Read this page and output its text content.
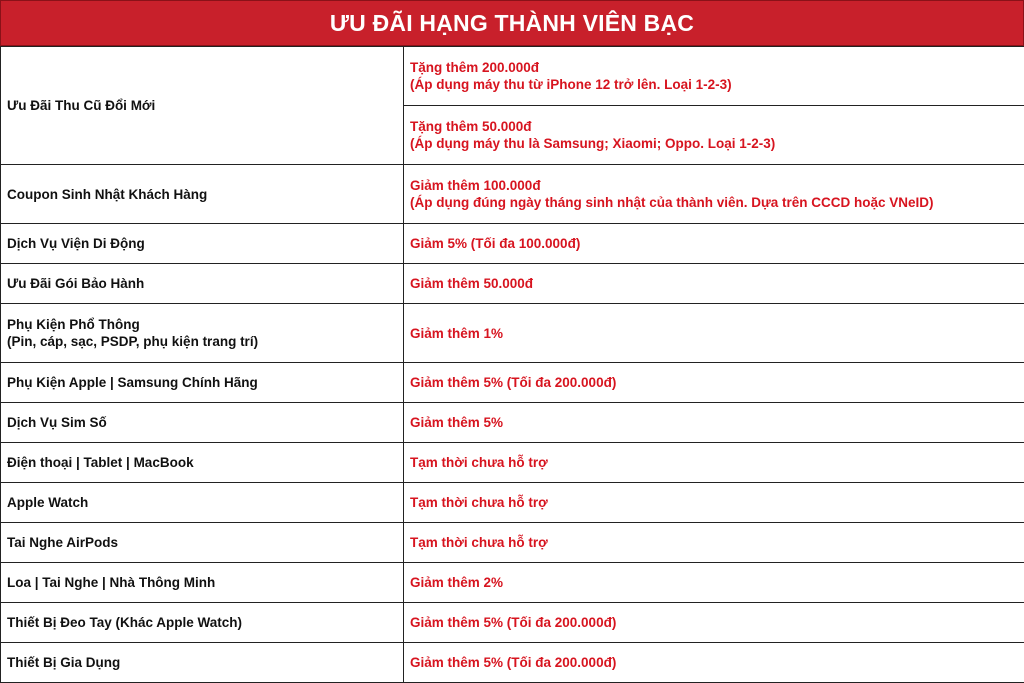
ƯU ĐÃI HẠNG THÀNH VIÊN BẠC
Ưu Đãi Thu Cũ Đổi Mới	Tặng thêm 200.000đ
(Áp dụng máy thu từ iPhone 12 trở lên. Loại 1-2-3)

	Tặng thêm 50.000đ
(Áp dụng máy thu là Samsung; Xiaomi; Oppo. Loại 1-2-3)

Coupon Sinh Nhật Khách Hàng	Giảm thêm 100.000đ
(Áp dụng đúng ngày tháng sinh nhật của thành viên. Dựa trên CCCD hoặc VNeID)

Dịch Vụ Viện Di Động	Giảm 5% (Tối đa 100.000đ)

Ưu Đãi Gói Bảo Hành	Giảm thêm 50.000đ

Phụ Kiện Phổ Thông
(Pin, cáp, sạc, PSDP, phụ kiện trang trí)	Giảm thêm 1%

Phụ Kiện Apple | Samsung Chính Hãng	Giảm thêm 5% (Tối đa 200.000đ)

Dịch Vụ Sim Số	Giảm thêm 5%

Điện thoại | Tablet | MacBook	Tạm thời chưa hỗ trợ

Apple Watch	Tạm thời chưa hỗ trợ

Tai Nghe AirPods	Tạm thời chưa hỗ trợ

Loa | Tai Nghe | Nhà Thông Minh	Giảm thêm 2%

Thiết Bị Đeo Tay (Khác Apple Watch)	Giảm thêm 5% (Tối đa 200.000đ)

Thiết Bị Gia Dụng	Giảm thêm 5% (Tối đa 200.000đ)
